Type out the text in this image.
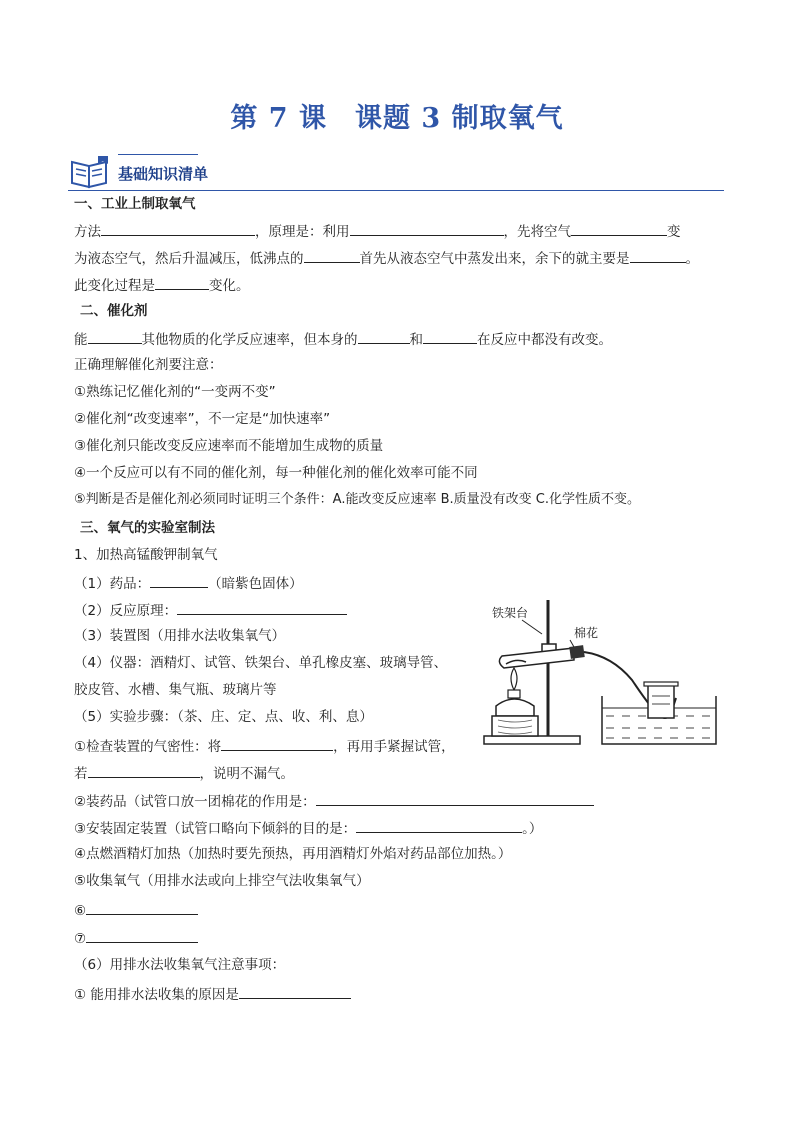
第 7 课　课题 3 制取氧气
基础知识清单
一、工业上制取氧气
方法	，原理是：利用	，先将空气	变
为液态空气，然后升温减压，低沸点的	首先从液态空气中蒸发出来，余下的就主要是	。
此变化过程是	变化。
二、催化剂
能	其他物质的化学反应速率，但本身的	和	在反应中都没有改变。
正确理解催化剂要注意：
①熟练记忆催化剂的“一变两不变”
②催化剂“改变速率”，不一定是“加快速率”
③催化剂只能改变反应速率而不能增加生成物的质量
④一个反应可以有不同的催化剂，每一种催化剂的催化效率可能不同
⑤判断是否是催化剂必须同时证明三个条件：A.能改变反应速率 B.质量没有改变 C.化学性质不变。
三、氧气的实验室制法
1、加热高锰酸钾制氧气
（1）药品：	（暗紫色固体）
（2）反应原理：
（3）装置图（用排水法收集氧气）
（4）仪器：酒精灯、试管、铁架台、单孔橡皮塞、玻璃导管、
胶皮管、水槽、集气瓶、玻璃片等
（5）实验步骤：（茶、庄、定、点、收、利、息）
①检查装置的气密性：将	，再用手紧握试管，
若	，说明不漏气。
②装药品（试管口放一团棉花的作用是：
③安装固定装置（试管口略向下倾斜的目的是：	。）
④点燃酒精灯加热（加热时要先预热，再用酒精灯外焰对药品部位加热。）
⑤收集氧气（用排水法或向上排空气法收集氧气）
⑥
⑦
（6）用排水法收集氧气注意事项：
① 能用排水法收集的原因是
铁架台
棉花
